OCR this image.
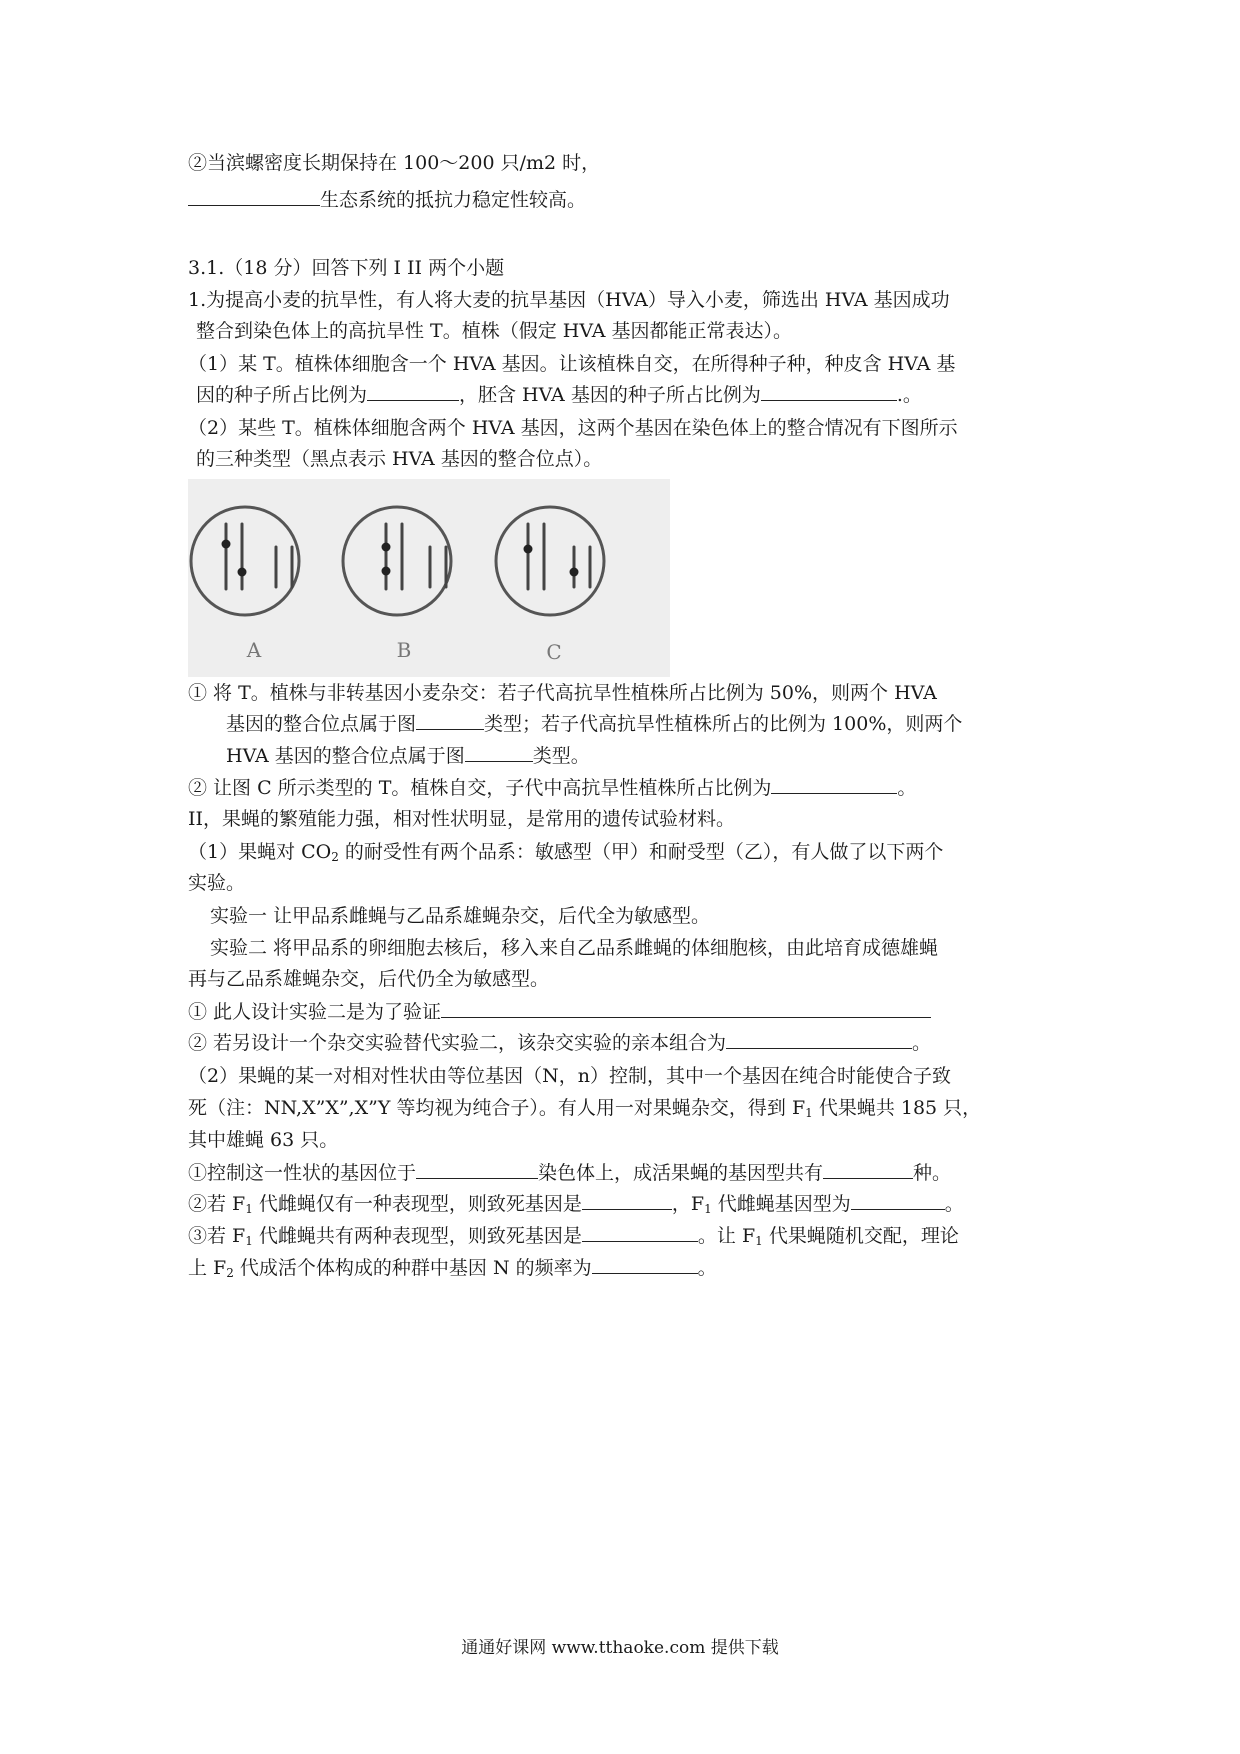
②当滨螺密度长期保持在 100～200 只/m2 时，
生态系统的抵抗力稳定性较高。
3.1.（18 分）回答下列 I II 两个小题
1.为提高小麦的抗旱性，有人将大麦的抗旱基因（HVA）导入小麦，筛选出 HVA 基因成功
整合到染色体上的高抗旱性 T。植株（假定 HVA 基因都能正常表达）。
（1）某 T。植株体细胞含一个 HVA 基因。让该植株自交，在所得种子种，种皮含 HVA 基
因的种子所占比例为	，胚含 HVA 基因的种子所占比例为	.。
（2）某些 T。植株体细胞含两个 HVA 基因，这两个基因在染色体上的整合情况有下图所示
的三种类型（黑点表示 HVA 基因的整合位点）。
A	B	C
① 将 T。植株与非转基因小麦杂交：若子代高抗旱性植株所占比例为 50%，则两个 HVA
基因的整合位点属于图	类型；若子代高抗旱性植株所占的比例为 100%，则两个
HVA 基因的整合位点属于图	类型。
② 让图 C 所示类型的 T。植株自交，子代中高抗旱性植株所占比例为	。
II，果蝇的繁殖能力强，相对性状明显，是常用的遗传试验材料。
（1）果蝇对 $CO_2$ 的耐受性有两个品系：敏感型（甲）和耐受型（乙），有人做了以下两个
实验。
实验一 让甲品系雌蝇与乙品系雄蝇杂交，后代全为敏感型。
实验二 将甲品系的卵细胞去核后，移入来自乙品系雌蝇的体细胞核，由此培育成德雄蝇
再与乙品系雄蝇杂交，后代仍全为敏感型。
① 此人设计实验二是为了验证
② 若另设计一个杂交实验替代实验二，该杂交实验的亲本组合为	。
（2）果蝇的某一对相对性状由等位基因（N，n）控制，其中一个基因在纯合时能使合子致
死（注：NN,X”X”,X”Y 等均视为纯合子）。有人用一对果蝇杂交，得到 $F_1$ 代果蝇共 185 只，
其中雄蝇 63 只。
①控制这一性状的基因位于	染色体上，成活果蝇的基因型共有	种。
②若 $F_1$ 代雌蝇仅有一种表现型，则致死基因是	，$F_1$ 代雌蝇基因型为	。
③若 $F_1$ 代雌蝇共有两种表现型，则致死基因是	。让 $F_1$ 代果蝇随机交配，理论
上 $F_2$ 代成活个体构成的种群中基因 N 的频率为	。
通通好课网 www.tthaoke.com 提供下载
